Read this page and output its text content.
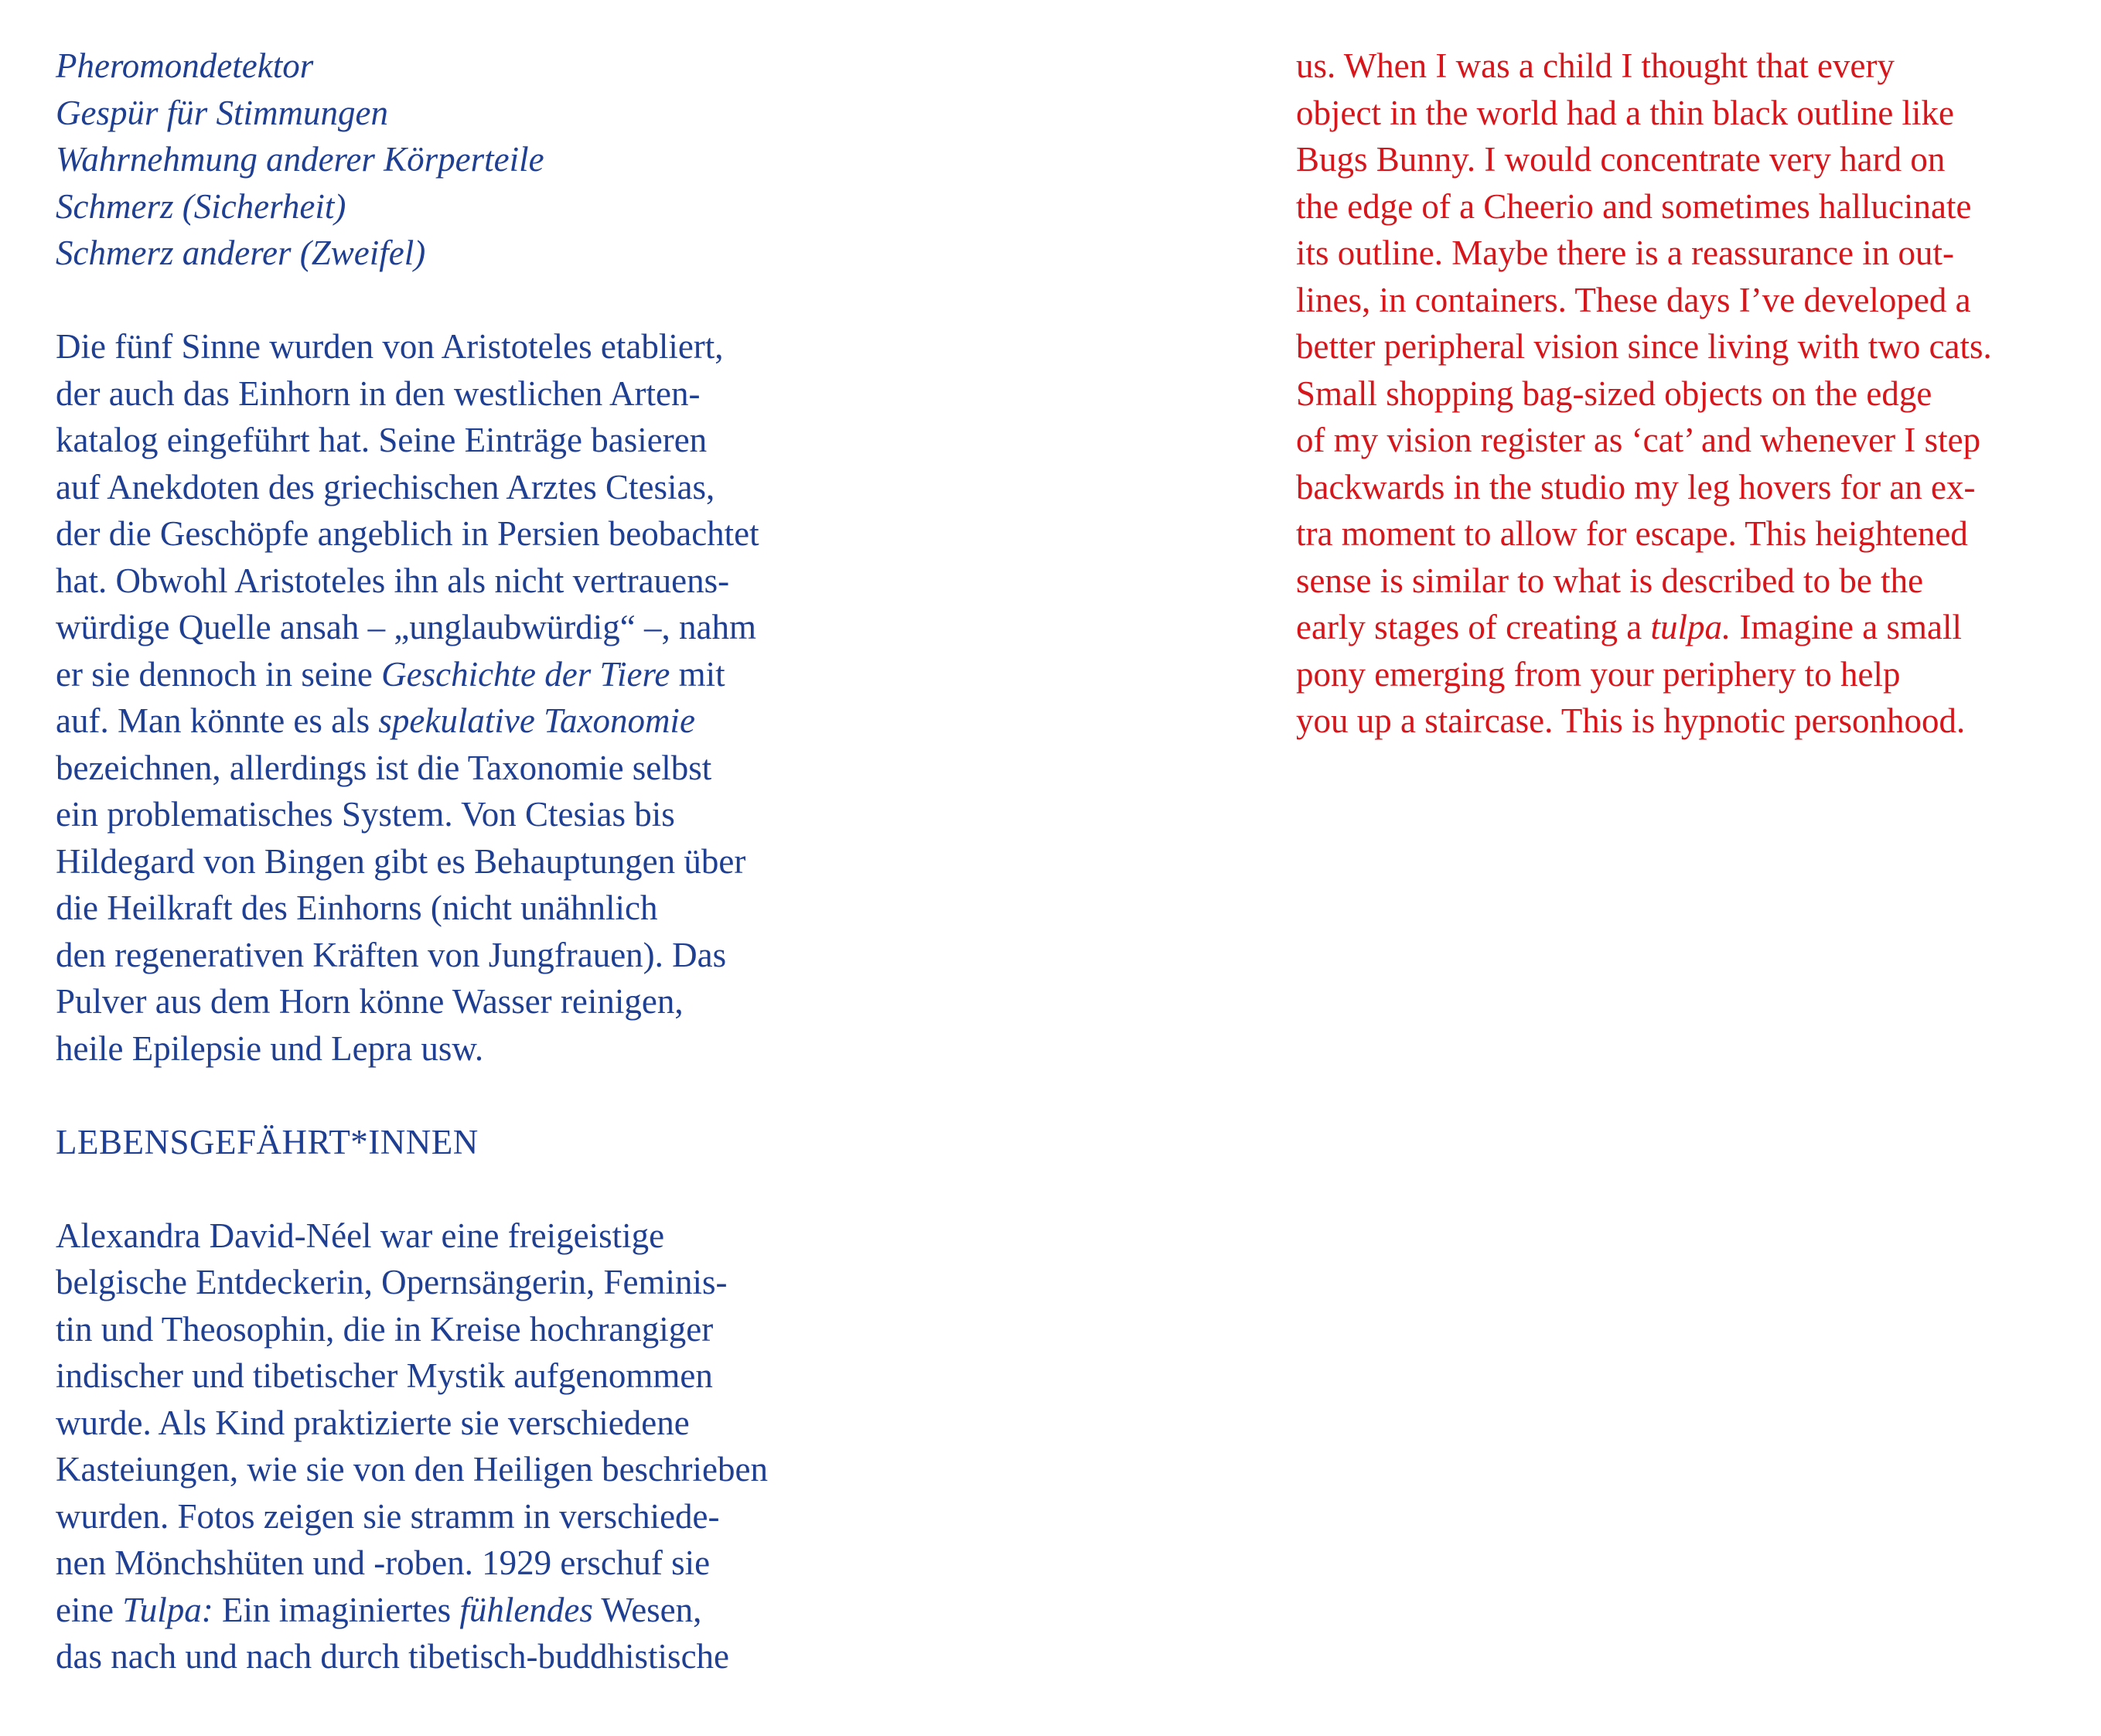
Pheromondetektor
Gespür für Stimmungen
Wahrnehmung anderer Körperteile
Schmerz (Sicherheit)
Schmerz anderer (Zweifel)
Die fünf Sinne wurden von Aristoteles etabliert,
der auch das Einhorn in den westlichen Arten-
katalog eingeführt hat. Seine Einträge basieren
auf Anekdoten des griechischen Arztes Ctesias,
der die Geschöpfe angeblich in Persien beobachtet
hat. Obwohl Aristoteles ihn als nicht vertrauens-
würdige Quelle ansah – „unglaubwürdig“ –, nahm
er sie dennoch in seine Geschichte der Tiere mit
auf. Man könnte es als spekulative Taxonomie
bezeichnen, allerdings ist die Taxonomie selbst
ein problematisches System. Von Ctesias bis
Hildegard von Bingen gibt es Behauptungen über
die Heilkraft des Einhorns (nicht unähnlich
den regenerativen Kräften von Jungfrauen). Das
Pulver aus dem Horn könne Wasser reinigen,
heile Epilepsie und Lepra usw.
LEBENSGEFÄHRT*INNEN
Alexandra David-Néel war eine freigeistige
belgische Entdeckerin, Opernsängerin, Feminis-
tin und Theosophin, die in Kreise hochrangiger
indischer und tibetischer Mystik aufgenommen
wurde. Als Kind praktizierte sie verschiedene
Kasteiungen, wie sie von den Heiligen beschrieben
wurden. Fotos zeigen sie stramm in verschiede-
nen Mönchshüten und -roben. 1929 erschuf sie
eine Tulpa: Ein imaginiertes fühlendes Wesen,
das nach und nach durch tibetisch-buddhistische
us. When I was a child I thought that every
object in the world had a thin black outline like
Bugs Bunny. I would concentrate very hard on
the edge of a Cheerio and sometimes hallucinate
its outline. Maybe there is a reassurance in out-
lines, in containers. These days I’ve developed a
better peripheral vision since living with two cats.
Small shopping bag-sized objects on the edge
of my vision register as ‘cat’ and whenever I step
backwards in the studio my leg hovers for an ex-
tra moment to allow for escape. This heightened
sense is similar to what is described to be the
early stages of creating a tulpa. Imagine a small
pony emerging from your periphery to help
you up a staircase. This is hypnotic personhood.
